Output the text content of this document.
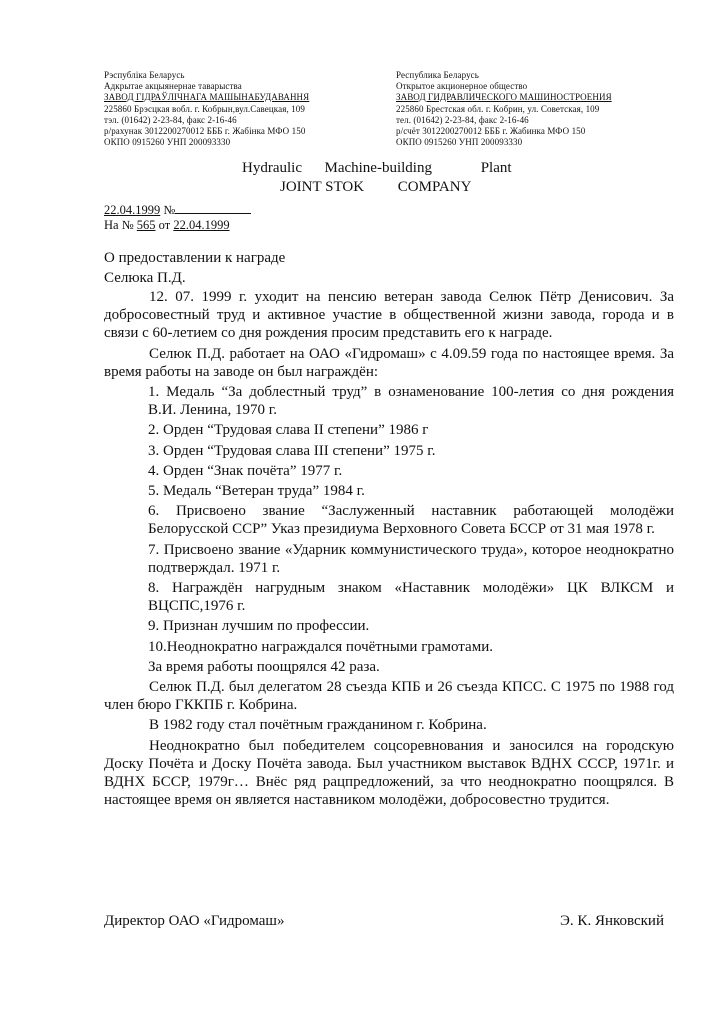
Рэспубліка Беларусь
Адкрытае акцыянернае таварыства
ЗАВОД ГІДРАЎЛІЧНАГА МАШЫНАБУДАВАННЯ
225860 Брэсцкая вобл. г. Кобрын,вул.Савецкая, 109
тэл. (01642) 2-23-84, факс 2-16-46
р/рахунак 3012200270012 БББ г. Жабінка МФО 150
ОКПО 0915260 УНП 200093330
Республика Беларусь
Открытое акционерное общество
ЗАВОД ГИДРАВЛИЧЕСКОГО МАШИНОСТРОЕНИЯ
225860 Брестская обл. г. Кобрин, ул. Советская, 109
тел. (01642) 2-23-84, факс 2-16-46
р/счёт 3012200270012 БББ г. Жабинка МФО 150
ОКПО 0915260 УНП 200093330
Hydraulic Machine-building	Plant
JOINT STOK COMPANY
22.04.1999 №
На № 565 от 22.04.1999
О предоставлении к награде
Селюка П.Д.

12. 07. 1999 г. уходит на пенсию ветеран завода Селюк Пётр Денисович. За добросовестный труд и активное участие в общественной жизни завода, города и в связи с 60-летием со дня рождения просим представить его к награде.

Селюк П.Д. работает на ОАО «Гидромаш» с 4.09.59 года по настоящее время. За время работы на заводе он был награждён:

1. Медаль “За доблестный труд” в ознаменование 100-летия со дня рождения В.И. Ленина, 1970 г.

2. Орден “Трудовая слава II степени” 1986 г

3. Орден “Трудовая слава III степени” 1975 г.

4. Орден “Знак почёта” 1977 г.

5. Медаль “Ветеран труда” 1984 г.

6. Присвоено звание “Заслуженный наставник работающей молодёжи Белорусской ССР” Указ президиума Верховного Совета БССР от 31 мая 1978 г.

7. Присвоено звание «Ударник коммунистического труда», которое неоднократно подтверждал. 1971 г.

8. Награждён нагрудным знаком «Наставник молодёжи» ЦК ВЛКСМ и ВЦСПС,1976 г.

9. Признан лучшим по профессии.

10.Неоднократно награждался почётными грамотами.

За время работы поощрялся 42 раза.

Селюк П.Д. был делегатом 28 съезда КПБ и 26 съезда КПСС. С 1975 по 1988 год член бюро ГККПБ г. Кобрина.

В 1982 году стал почётным гражданином г. Кобрина.

Неоднократно был победителем соцсоревнования и заносился на городскую Доску Почёта и Доску Почёта завода. Был участником выставок ВДНХ СССР, 1971г. и ВДНХ БССР, 1979г… Внёс ряд рацпредложений, за что неоднократно поощрялся. В настоящее время он является наставником молодёжи, добросовестно трудится.

Директор ОАО «Гидромаш»	Э. К. Янковский
